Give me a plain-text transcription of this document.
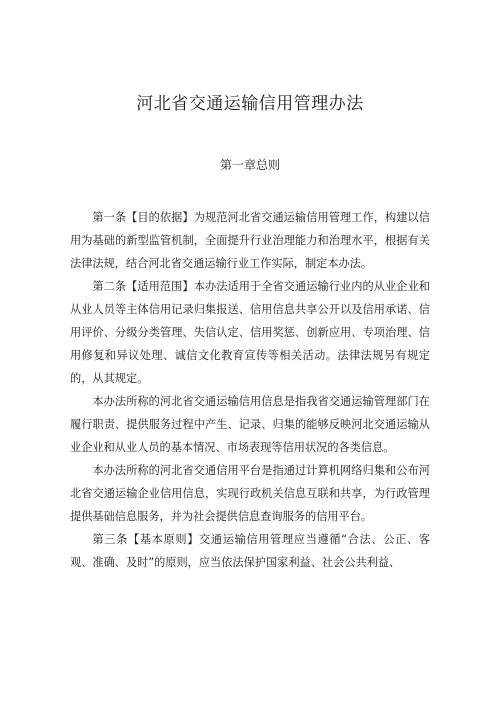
河北省交通运输信用管理办法
第一章总则

第一条【目的依据】为规范河北省交通运输信用管理工作，构建以信用为基础的新型监管机制，全面提升行业治理能力和治理水平，根据有关法律法规，结合河北省交通运输行业工作实际，制定本办法。

第二条【适用范围】本办法适用于全省交通运输行业内的从业企业和从业人员等主体信用记录归集报送、信用信息共享公开以及信用承诺、信用评价、分级分类管理、失信认定、信用奖惩、创新应用、专项治理、信用修复和异议处理、诚信文化教育宣传等相关活动。法律法规另有规定的，从其规定。

本办法所称的河北省交通运输信用信息是指我省交通运输管理部门在履行职责、提供服务过程中产生、记录、归集的能够反映河北交通运输从业企业和从业人员的基本情况、市场表现等信用状况的各类信息。

本办法所称的河北省交通信用平台是指通过计算机网络归集和公布河北省交通运输企业信用信息，实现行政机关信息互联和共享，为行政管理提供基础信息服务，并为社会提供信息查询服务的信用平台。

第三条【基本原则】交通运输信用管理应当遵循“合法、公正、客观、准确、及时”的原则，应当依法保护国家利益、社会公共利益、
